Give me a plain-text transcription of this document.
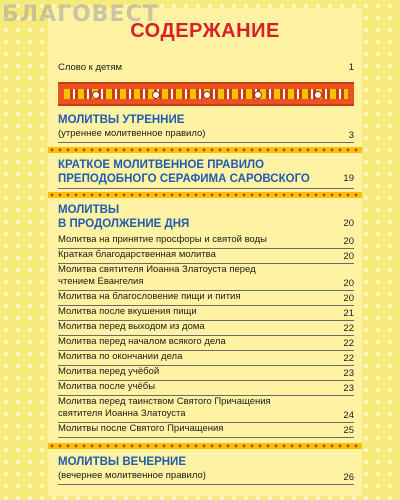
БЛАГОВЕСТ

СОДЕРЖАНИЕ
Слово к детям	1
МОЛИТВЫ УТРЕННИЕ
(утреннее молитвенное правило)	3
КРАТКОЕ МОЛИТВЕННОЕ ПРАВИЛО
ПРЕПОДОБНОГО СЕРАФИМА САРОВСКОГО	19
МОЛИТВЫ
В ПРОДОЛЖЕНИЕ ДНЯ	20
Молитва на принятие просфоры и святой воды	20
Краткая благодарственная молитва	20
Молитва святителя Иоанна Златоуста перед чтением Евангелия	20
Молитва на благословение пищи и пития	20
Молитва после вкушения пищи	21
Молитва перед выходом из дома	22
Молитва перед началом всякого дела	22
Молитва по окончании дела	22
Молитва перед учёбой	23
Молитва после учёбы	23
Молитва перед таинством Святого Причащения святителя Иоанна Златоуста	24
Молитвы после Святого Причащения	25
МОЛИТВЫ ВЕЧЕРНИЕ
(вечернее молитвенное правило)	26
